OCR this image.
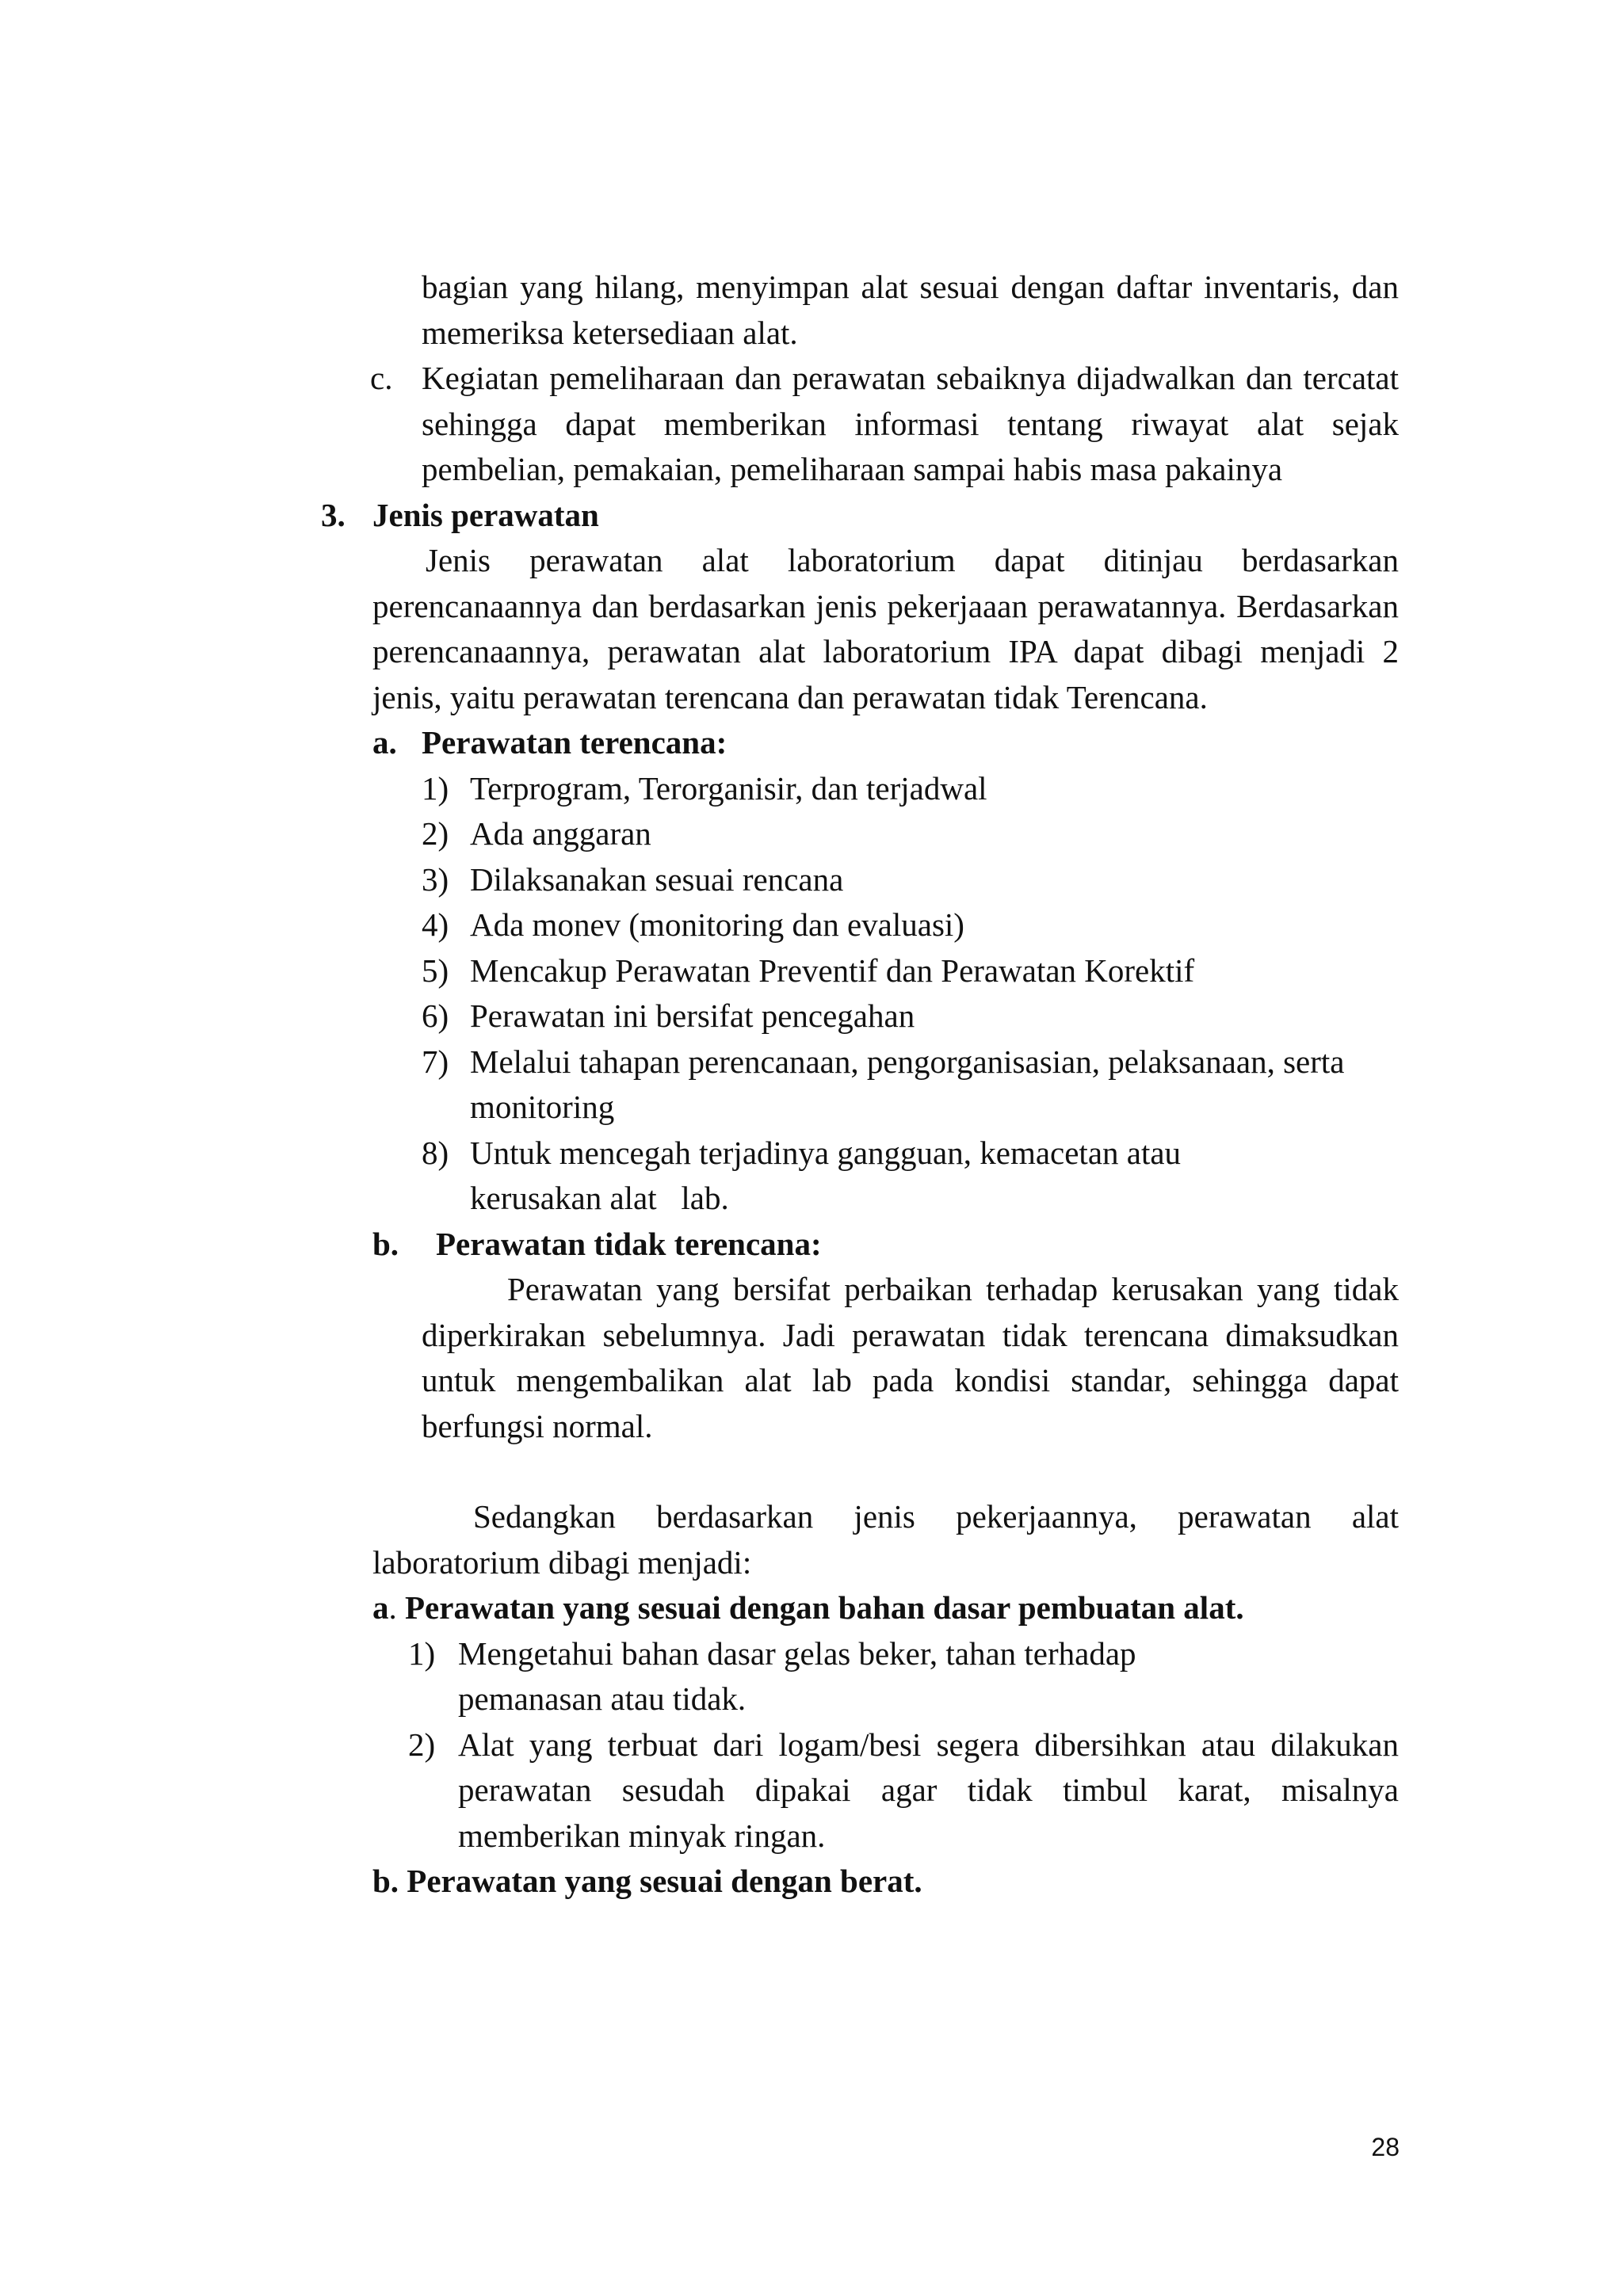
bagian yang hilang, menyimpan alat sesuai dengan daftar inventaris, dan memeriksa ketersediaan alat.

c. Kegiatan pemeliharaan dan perawatan sebaiknya dijadwalkan dan tercatat sehingga dapat memberikan informasi tentang riwayat alat sejak pembelian, pemakaian, pemeliharaan sampai habis masa pakainya

3. Jenis perawatan

Jenis perawatan alat laboratorium dapat ditinjau berdasarkan perencanaannya dan berdasarkan jenis pekerjaaan perawatannya. Berdasarkan perencanaannya, perawatan alat laboratorium IPA dapat dibagi menjadi 2 jenis, yaitu perawatan terencana dan perawatan tidak Terencana.

a. Perawatan terencana:
1) Terprogram, Terorganisir, dan terjadwal

2) Ada anggaran

3) Dilaksanakan sesuai rencana

4) Ada monev (monitoring dan evaluasi)

5) Mencakup Perawatan Preventif dan Perawatan Korektif

6) Perawatan ini bersifat pencegahan

7) Melalui tahapan perencanaan, pengorganisasian, pelaksanaan, serta monitoring

8) Untuk mencegah terjadinya gangguan, kemacetan atau kerusakan alat   lab.

b. Perawatan tidak terencana:

Perawatan yang bersifat perbaikan terhadap kerusakan yang tidak diperkirakan sebelumnya. Jadi perawatan tidak terencana dimaksudkan untuk mengembalikan alat lab pada kondisi standar, sehingga dapat berfungsi normal.

Sedangkan berdasarkan jenis pekerjaannya, perawatan alat laboratorium dibagi menjadi:

a. Perawatan yang sesuai dengan bahan dasar pembuatan alat.
1) Mengetahui bahan dasar gelas beker, tahan terhadap pemanasan atau tidak.

2) Alat yang terbuat dari logam/besi segera dibersihkan atau dilakukan perawatan sesudah dipakai agar tidak timbul karat, misalnya memberikan minyak ringan.

b. Perawatan yang sesuai dengan berat.
28
